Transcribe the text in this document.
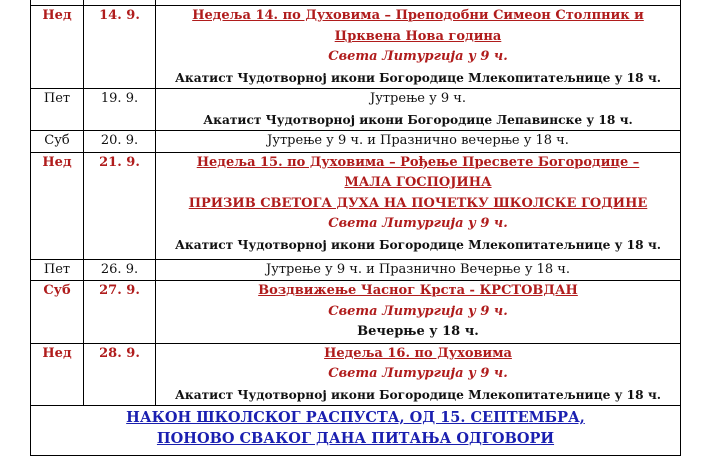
Нед	14. 9.	Недеља 14. по Духовима – Преподобни Симеон Столпник и
Црквена Нова година
Света Литургија у 9 ч.
Акатист Чудотворној икони Богородице Млекопитатељнице у 18 ч.

Пет	19. 9.	Јутрење у 9 ч.
Акатист Чудотворној икони Богородице Лепавинске у 18 ч.

Суб	20. 9.	Јутрење у 9 ч. и Празнично вечерње у 18 ч.

Нед	21. 9.	Недеља 15. по Духовима – Рођење Пресвете Богородице –
МАЛА ГОСПОЈИНА
ПРИЗИВ СВЕТОГА ДУХА НА ПОЧЕТКУ ШКОЛСКЕ ГОДИНЕ
Света Литургија у 9 ч.
Акатист Чудотворној икони Богородице Млекопитатељнице у 18 ч.

Пет	26. 9.	Јутрење у 9 ч. и Празнично Вечерње у 18 ч.

Суб	27. 9.	Воздвижење Часног Крста - КРСТОВДАН
Света Литургија у 9 ч.
Вечерње у 18 ч.

Нед	28. 9.	Недеља 16. по Духовима
Света Литургија у 9 ч.
Акатист Чудотворној икони Богородице Млекопитатељнице у 18 ч.

НАКОН ШКОЛСКОГ РАСПУСТА, ОД 15. СЕПТЕМБРА,
ПОНОВО СВАКОГ ДАНА ПИТАЊА ОДГОВОРИ		
